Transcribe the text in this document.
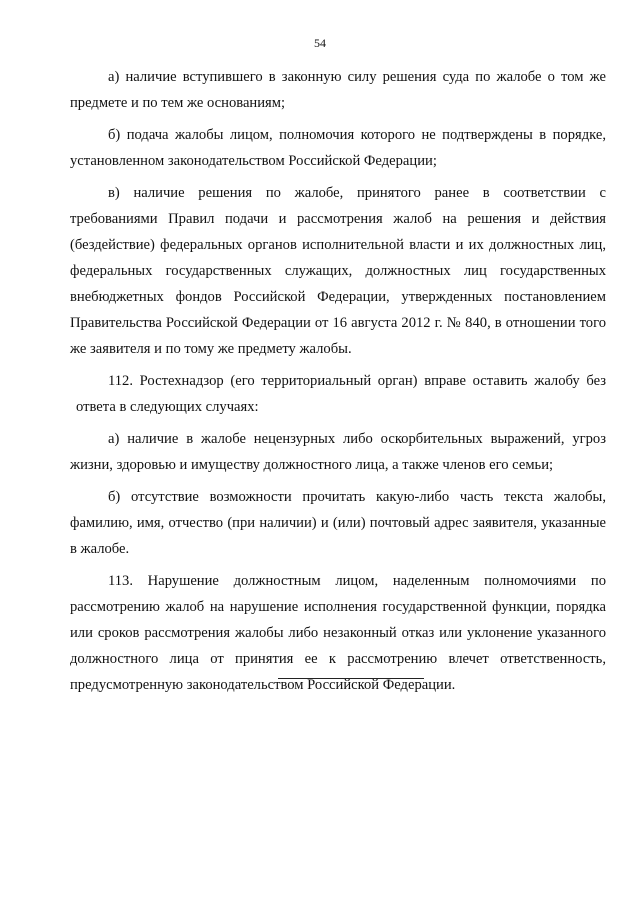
54

а) наличие вступившего в законную силу решения суда по жалобе о том же предмете и по тем же основаниям;

б) подача жалобы лицом, полномочия которого не подтверждены в порядке, установленном законодательством Российской Федерации;

в) наличие решения по жалобе, принятого ранее в соответствии с требованиями Правил подачи и рассмотрения жалоб на решения и действия (бездействие) федеральных органов исполнительной власти и их должностных лиц, федеральных государственных служащих, должностных лиц государственных внебюджетных фондов Российской Федерации, утвержденных постановлением Правительства Российской Федерации от 16 августа 2012 г. № 840, в отношении того же заявителя и по тому же предмету жалобы.

112. Ростехнадзор (его территориальный орган) вправе оставить жалобу без ответа в следующих случаях:

а) наличие в жалобе нецензурных либо оскорбительных выражений, угроз жизни, здоровью и имуществу должностного лица, а также членов его семьи;

б) отсутствие возможности прочитать какую-либо часть текста жалобы, фамилию, имя, отчество (при наличии) и (или) почтовый адрес заявителя, указанные в жалобе.

113. Нарушение должностным лицом, наделенным полномочиями по рассмотрению жалоб на нарушение исполнения государственной функции, порядка или сроков рассмотрения жалобы либо незаконный отказ или уклонение указанного должностного лица от принятия ее к рассмотрению влечет ответственность, предусмотренную законодательством Российской Федерации.
